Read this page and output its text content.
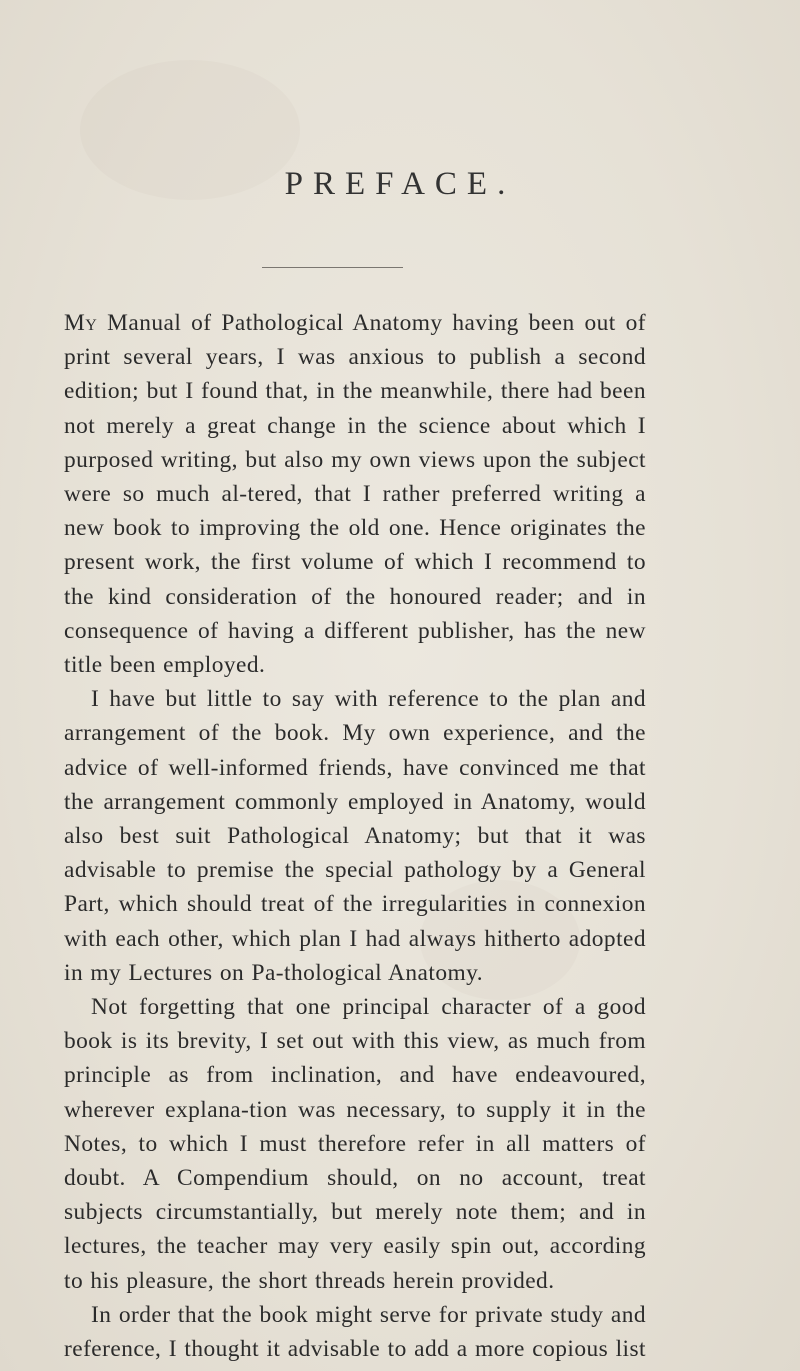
PREFACE.

My Manual of Pathological Anatomy having been out of print several years, I was anxious to publish a second edition; but I found that, in the meanwhile, there had been not merely a great change in the science about which I purposed writing, but also my own views upon the subject were so much al-tered, that I rather preferred writing a new book to improving the old one. Hence originates the present work, the first volume of which I recommend to the kind consideration of the honoured reader; and in consequence of having a different publisher, has the new title been employed.

I have but little to say with reference to the plan and arrangement of the book. My own experience, and the advice of well-informed friends, have convinced me that the arrangement commonly employed in Anatomy, would also best suit Pathological Anatomy; but that it was advisable to premise the special pathology by a General Part, which should treat of the irregularities in connexion with each other, which plan I had always hitherto adopted in my Lectures on Pa-thological Anatomy.

Not forgetting that one principal character of a good book is its brevity, I set out with this view, as much from principle as from inclination, and have endeavoured, wherever explana-tion was necessary, to supply it in the Notes, to which I must therefore refer in all matters of doubt. A Compendium should, on no account, treat subjects circumstantially, but merely note them; and in lectures, the teacher may very easily spin out, according to his pleasure, the short threads herein provided.

In order that the book might serve for private study and reference, I thought it advisable to add a more copious list
